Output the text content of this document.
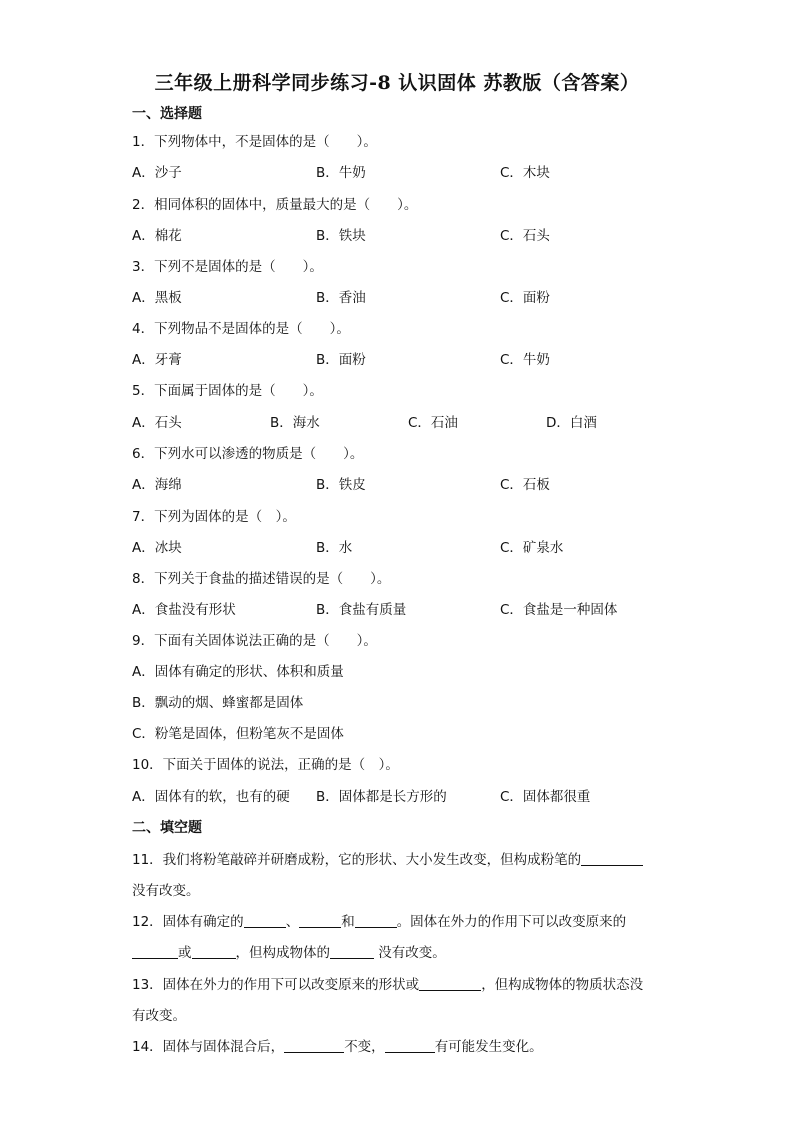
三年级上册科学同步练习-8 认识固体 苏教版（含答案）
一、选择题
1．下列物体中，不是固体的是（　　）。
A．沙子	B．牛奶	C．木块
2．相同体积的固体中，质量最大的是（　　）。
A．棉花	B．铁块	C．石头
3．下列不是固体的是（　　）。
A．黑板	B．香油	C．面粉
4．下列物品不是固体的是（　　）。
A．牙膏	B．面粉	C．牛奶
5．下面属于固体的是（　　）。
A．石头	B．海水	C．石油	D．白酒
6．下列水可以渗透的物质是（　　）。
A．海绵	B．铁皮	C．石板
7．下列为固体的是（　）。
A．冰块	B．水	C．矿泉水
8．下列关于食盐的描述错误的是（　　）。
A．食盐没有形状	B．食盐有质量	C．食盐是一种固体
9．下面有关固体说法正确的是（　　）。
A．固体有确定的形状、体积和质量
B．飘动的烟、蜂蜜都是固体
C．粉笔是固体，但粉笔灰不是固体
10．下面关于固体的说法，正确的是（　）。
A．固体有的软，也有的硬 B．固体都是长方形的	C．固体都很重
二、填空题
11．我们将粉笔敲碎并研磨成粉，它的形状、大小发生改变，但构成粉笔的
没有改变。
12．固体有确定的	、	和	。固体在外力的作用下可以改变原来的
或	，但构成物体的	没有改变。
13．固体在外力的作用下可以改变原来的形状或	，但构成物体的物质状态没
有改变。
14．固体与固体混合后，	不变，	有可能发生变化。
